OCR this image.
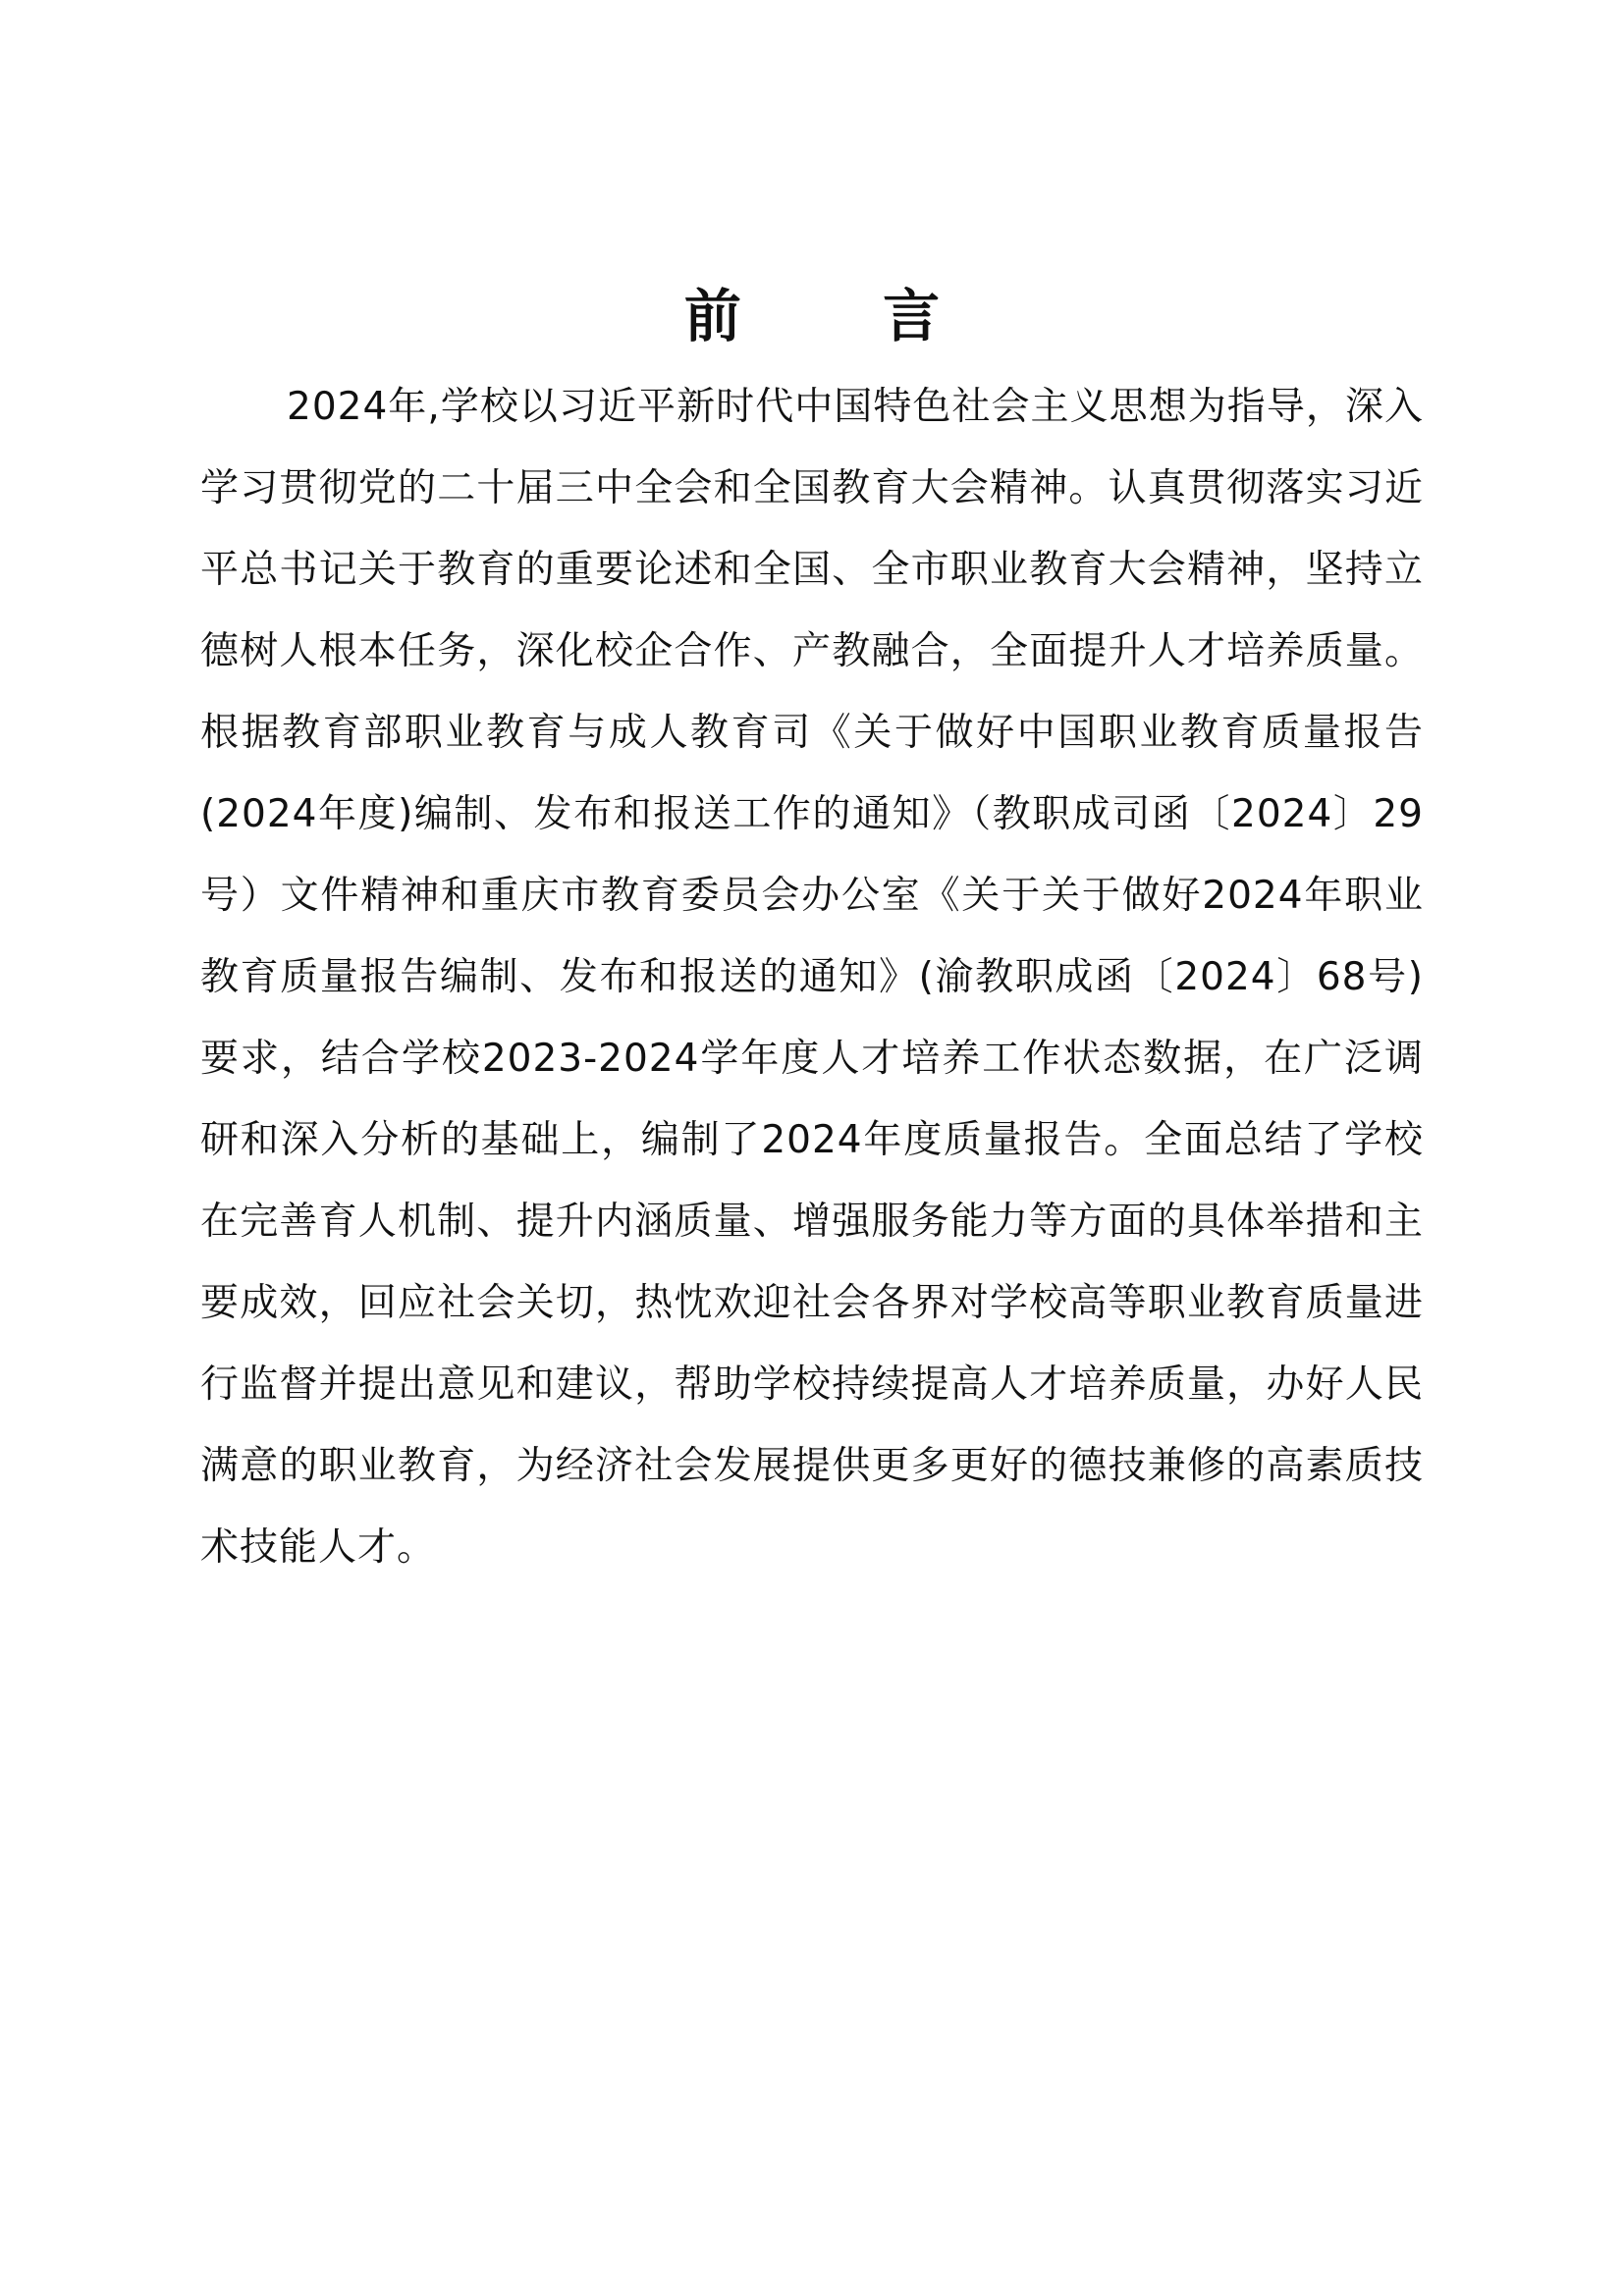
前 言

2024年,学校以习近平新时代中国特色社会主义思想为指导，深入学习贯彻党的二十届三中全会和全国教育大会精神。认真贯彻落实习近平总书记关于教育的重要论述和全国、全市职业教育大会精神，坚持立德树人根本任务，深化校企合作、产教融合，全面提升人才培养质量。根据教育部职业教育与成人教育司《关于做好中国职业教育质量报告(2024年度)编制、发布和报送工作的通知》（教职成司函〔2024〕29号）文件精神和重庆市教育委员会办公室《关于关于做好2024年职业教育质量报告编制、发布和报送的通知》(渝教职成函〔2024〕68号)要求，结合学校2023-2024学年度人才培养工作状态数据，在广泛调研和深入分析的基础上，编制了2024年度质量报告。全面总结了学校在完善育人机制、提升内涵质量、增强服务能力等方面的具体举措和主要成效，回应社会关切，热忱欢迎社会各界对学校高等职业教育质量进行监督并提出意见和建议，帮助学校持续提高人才培养质量，办好人民满意的职业教育，为经济社会发展提供更多更好的德技兼修的高素质技术技能人才。
